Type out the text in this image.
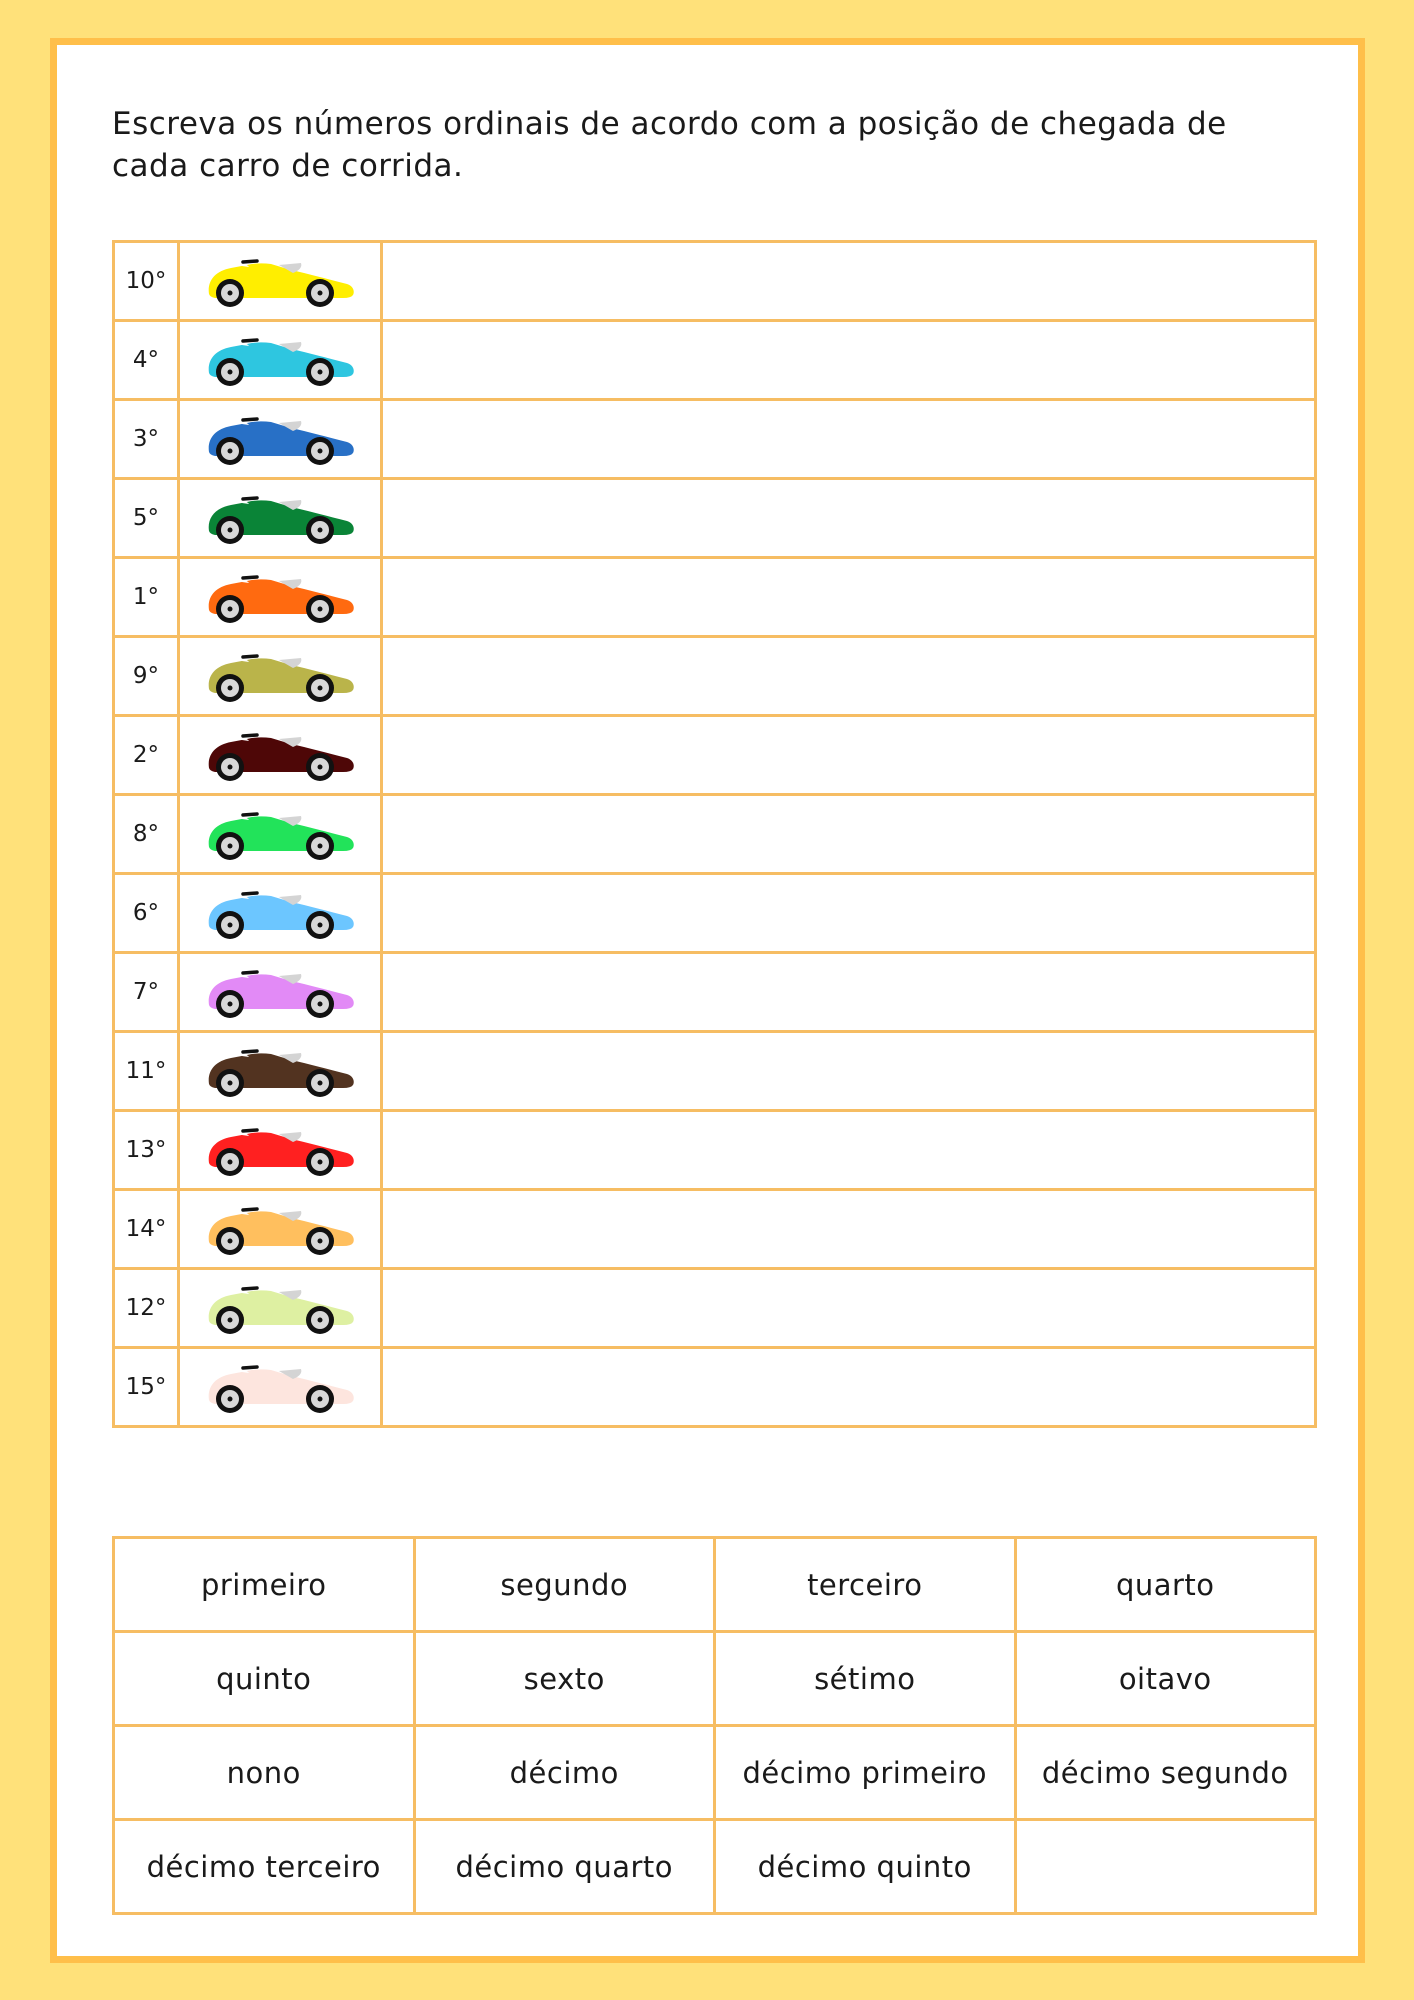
Escreva os números ordinais de acordo com a posição de chegada de cada carro de corrida.

10°	

4°	

3°	

5°	

1°	

9°	

2°	

8°	

6°	

7°	

11°	

13°	

14°	

12°	

15°	

primeiro	segundo	terceiro	quarto
quinto	sexto	sétimo	oitavo
nono	décimo	décimo primeiro	décimo segundo
décimo terceiro	décimo quarto	décimo quinto	
